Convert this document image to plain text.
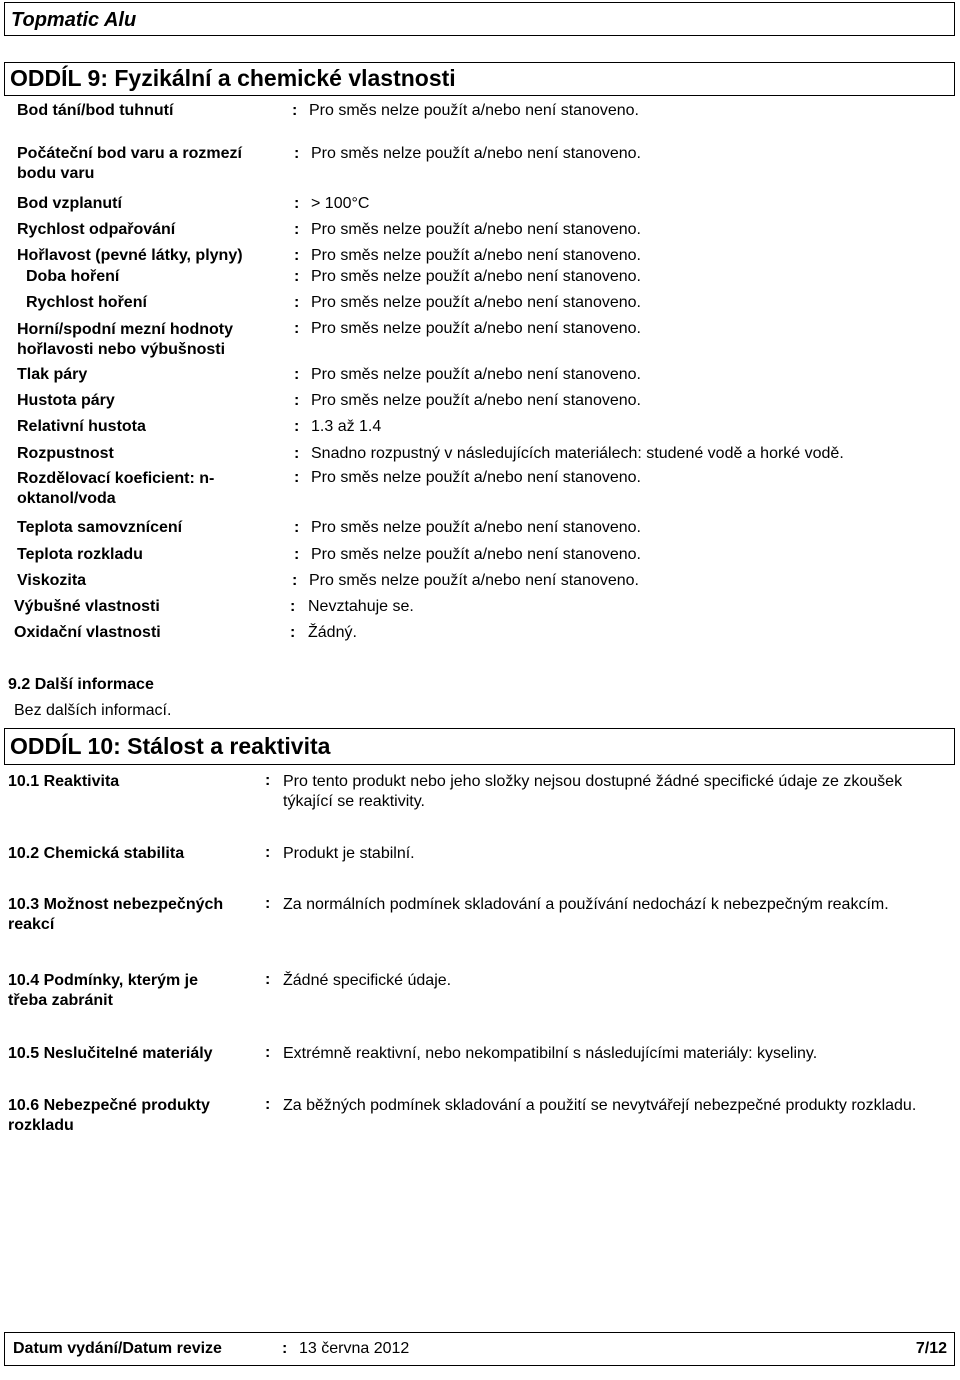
Topmatic Alu
ODDÍL 9: Fyzikální a chemické vlastnosti
Bod tání/bod tuhnutí	: Pro směs nelze použít a/nebo není stanoveno.
Počáteční bod varu a rozmezí bodu varu
: Pro směs nelze použít a/nebo není stanoveno.
Bod vzplanutí	: > 100°C
Rychlost odpařování	: Pro směs nelze použít a/nebo není stanoveno.
Hořlavost (pevné látky, plyny)	: Pro směs nelze použít a/nebo není stanoveno.
Doba hoření	: Pro směs nelze použít a/nebo není stanoveno.
Rychlost hoření	: Pro směs nelze použít a/nebo není stanoveno.
Horní/spodní mezní hodnoty hořlavosti nebo výbušnosti
: Pro směs nelze použít a/nebo není stanoveno.
Tlak páry	: Pro směs nelze použít a/nebo není stanoveno.
Hustota páry	: Pro směs nelze použít a/nebo není stanoveno.
Relativní hustota	: 1.3 až 1.4
Rozpustnost	: Snadno rozpustný v následujících materiálech: studené vodě a horké vodě.
Rozdělovací koeficient: n-oktanol/voda
: Pro směs nelze použít a/nebo není stanoveno.
Teplota samovznícení	: Pro směs nelze použít a/nebo není stanoveno.
Teplota rozkladu	: Pro směs nelze použít a/nebo není stanoveno.
Viskozita	: Pro směs nelze použít a/nebo není stanoveno.
Výbušné vlastnosti	: Nevztahuje se.
Oxidační vlastnosti	: Žádný.
9.2 Další informace
Bez dalších informací.
ODDÍL 10: Stálost a reaktivita
10.1 Reaktivita	: Pro tento produkt nebo jeho složky nejsou dostupné žádné specifické údaje ze zkoušek týkající se reaktivity.
10.2 Chemická stabilita	: Produkt je stabilní.
10.3 Možnost nebezpečných reakcí
: Za normálních podmínek skladování a používání nedochází k nebezpečným reakcím.
10.4 Podmínky, kterým je třeba zabránit
: Žádné specifické údaje.
10.5 Neslučitelné materiály	: Extrémně reaktivní, nebo nekompatibilní s následujícími materiály: kyseliny.
10.6 Nebezpečné produkty rozkladu
: Za běžných podmínek skladování a použití se nevytvářejí nebezpečné produkty rozkladu.
Datum vydání/Datum revize	: 13 června 2012	7/12
